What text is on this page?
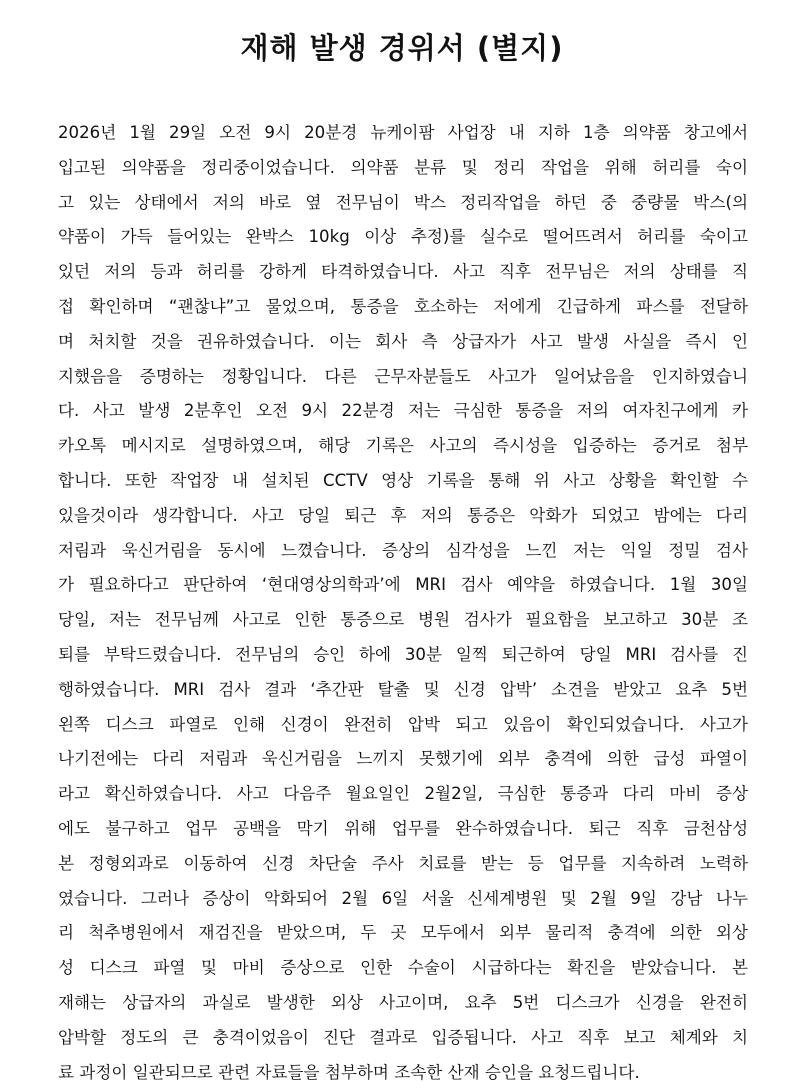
재해 발생 경위서 (별지)
2026년 1월 29일 오전 9시 20분경 뉴케이팜 사업장 내 지하 1층 의약품 창고에서
입고된 의약품을 정리중이었습니다. 의약품 분류 및 정리 작업을 위해 허리를 숙이
고 있는 상태에서 저의 바로 옆 전무님이 박스 정리작업을 하던 중 중량물 박스(의
약품이 가득 들어있는 완박스 10kg 이상 추정)를 실수로 떨어뜨려서 허리를 숙이고
있던 저의 등과 허리를 강하게 타격하였습니다. 사고 직후 전무님은 저의 상태를 직
접 확인하며 “괜찮냐”고 물었으며, 통증을 호소하는 저에게 긴급하게 파스를 전달하
며 처치할 것을 권유하였습니다. 이는 회사 측 상급자가 사고 발생 사실을 즉시 인
지했음을 증명하는 정황입니다. 다른 근무자분들도 사고가 일어났음을 인지하였습니
다. 사고 발생 2분후인 오전 9시 22분경 저는 극심한 통증을 저의 여자친구에게 카
카오톡 메시지로 설명하였으며, 해당 기록은 사고의 즉시성을 입증하는 증거로 첨부
합니다. 또한 작업장 내 설치된 CCTV 영상 기록을 통해 위 사고 상황을 확인할 수
있을것이라 생각합니다. 사고 당일 퇴근 후 저의 통증은 악화가 되었고 밤에는 다리
저림과 욱신거림을 동시에 느꼈습니다. 증상의 심각성을 느낀 저는 익일 정밀 검사
가 필요하다고 판단하여 ‘현대영상의학과’에 MRI 검사 예약을 하였습니다. 1월 30일
당일, 저는 전무님께 사고로 인한 통증으로 병원 검사가 필요함을 보고하고 30분 조
퇴를 부탁드렸습니다. 전무님의 승인 하에 30분 일찍 퇴근하여 당일 MRI 검사를 진
행하였습니다. MRI 검사 결과 ‘추간판 탈출 및 신경 압박’ 소견을 받았고 요추 5번
왼쪽 디스크 파열로 인해 신경이 완전히 압박 되고 있음이 확인되었습니다. 사고가
나기전에는 다리 저림과 욱신거림을 느끼지 못했기에 외부 충격에 의한 급성 파열이
라고 확신하였습니다. 사고 다음주 월요일인 2월2일, 극심한 통증과 다리 마비 증상
에도 불구하고 업무 공백을 막기 위해 업무를 완수하였습니다. 퇴근 직후 금천삼성
본 정형외과로 이동하여 신경 차단술 주사 치료를 받는 등 업무를 지속하려 노력하
였습니다. 그러나 증상이 악화되어 2월 6일 서울 신세계병원 및 2월 9일 강남 나누
리 척추병원에서 재검진을 받았으며, 두 곳 모두에서 외부 물리적 충격에 의한 외상
성 디스크 파열 및 마비 증상으로 인한 수술이 시급하다는 확진을 받았습니다. 본
재해는 상급자의 과실로 발생한 외상 사고이며, 요추 5번 디스크가 신경을 완전히
압박할 정도의 큰 충격이었음이 진단 결과로 입증됩니다. 사고 직후 보고 체계와 치
료 과정이 일관되므로 관련 자료들을 첨부하며 조속한 산재 승인을 요청드립니다.
